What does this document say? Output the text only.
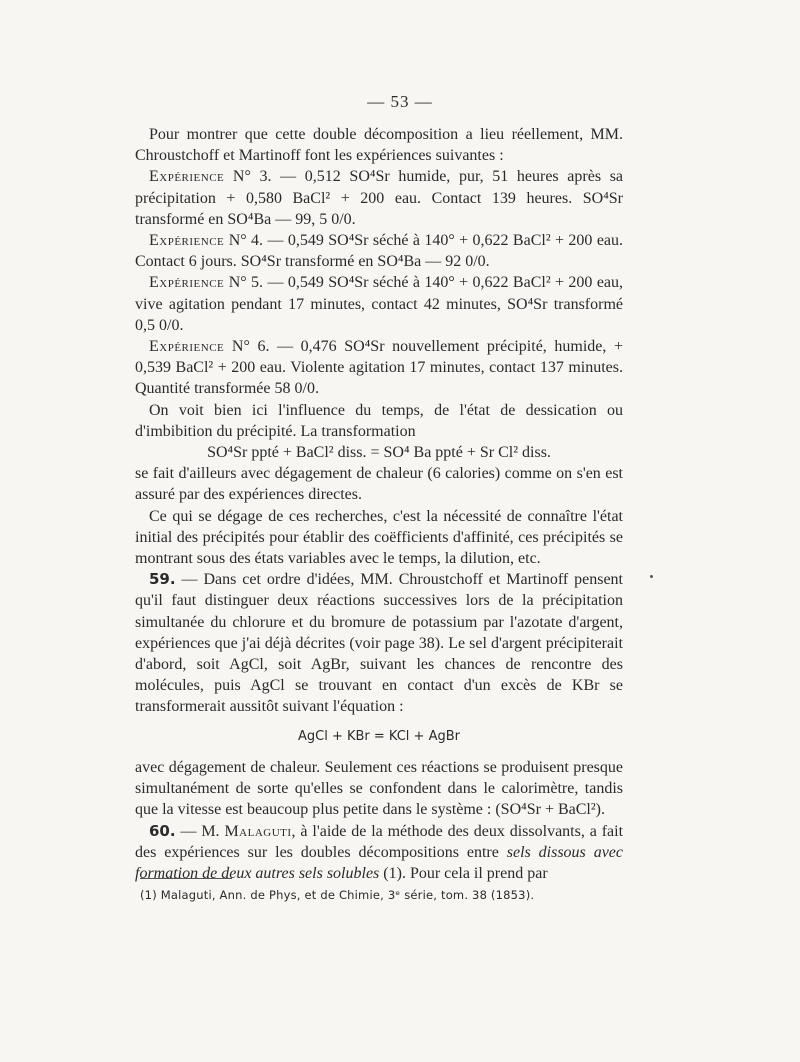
— 53 —

Pour montrer que cette double décomposition a lieu réellement, MM. Chroustchoff et Martinoff font les expériences suivantes :

Expérience N° 3. — 0,512 SO⁴Sr humide, pur, 51 heures après sa précipitation + 0,580 BaCl² + 200 eau. Contact 139 heures. SO⁴Sr transformé en SO⁴Ba — 99, 5 0/0.

Expérience N° 4. — 0,549 SO⁴Sr séché à 140° + 0,622 BaCl² + 200 eau. Contact 6 jours. SO⁴Sr transformé en SO⁴Ba — 92 0/0.

Expérience N° 5. — 0,549 SO⁴Sr séché à 140° + 0,622 BaCl² + 200 eau, vive agitation pendant 17 minutes, contact 42 minutes, SO⁴Sr transformé 0,5 0/0.

Expérience N° 6. — 0,476 SO⁴Sr nouvellement précipité, humide, + 0,539 BaCl² + 200 eau. Violente agitation 17 minutes, contact 137 minutes. Quantité transformée 58 0/0.

On voit bien ici l'influence du temps, de l'état de dessication ou d'imbibition du précipité. La transformation

SO⁴Sr ppté + BaCl² diss. = SO⁴ Ba ppté + Sr Cl² diss.

se fait d'ailleurs avec dégagement de chaleur (6 calories) comme on s'en est assuré par des expériences directes.

Ce qui se dégage de ces recherches, c'est la nécessité de connaître l'état initial des précipités pour établir des coëfficients d'affinité, ces précipités se montrant sous des états variables avec le temps, la dilution, etc.

59. — Dans cet ordre d'idées, MM. Chroustchoff et Martinoff pensent qu'il faut distinguer deux réactions successives lors de la précipitation simultanée du chlorure et du bromure de potassium par l'azotate d'argent, expériences que j'ai déjà décrites (voir page 38). Le sel d'argent précipiterait d'abord, soit AgCl, soit AgBr, suivant les chances de rencontre des molécules, puis AgCl se trouvant en contact d'un excès de KBr se transformerait aussitôt suivant l'équation :

AgCl + KBr = KCl + AgBr

avec dégagement de chaleur. Seulement ces réactions se produisent presque simultanément de sorte qu'elles se confondent dans le calorimètre, tandis que la vitesse est beaucoup plus petite dans le système : (SO⁴Sr + BaCl²).

60. — M. Malaguti, à l'aide de la méthode des deux dissolvants, a fait des expériences sur les doubles décompositions entre sels dissous avec formation de deux autres sels solubles (1). Pour cela il prend par

(1) Malaguti, Ann. de Phys, et de Chimie, 3ᵉ série, tom. 38 (1853).
